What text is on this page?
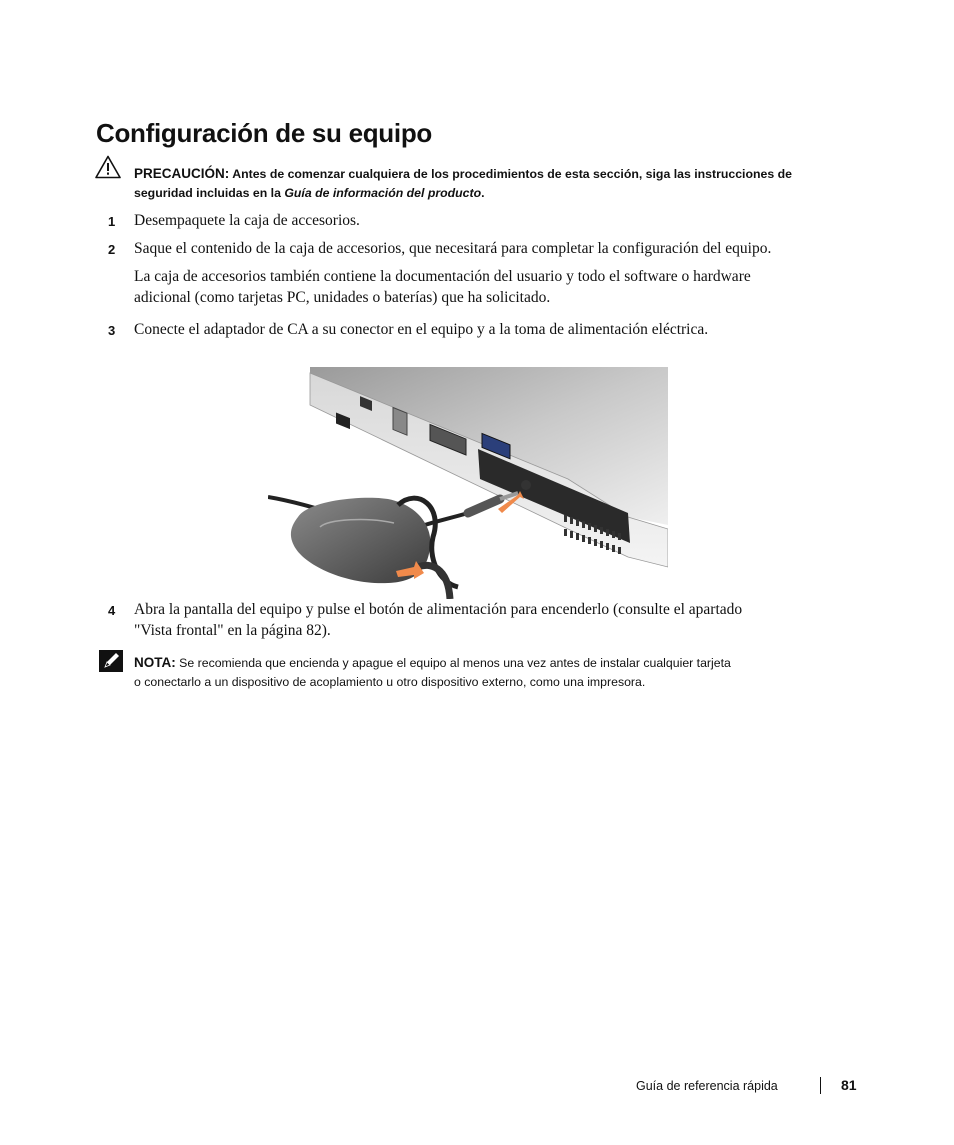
Configuración de su equipo
PRECAUCIÓN: Antes de comenzar cualquiera de los procedimientos de esta sección, siga las instrucciones de
seguridad incluidas en la Guía de información del producto.
1 Desempaquete la caja de accesorios.
2 Saque el contenido de la caja de accesorios, que necesitará para completar la configuración del equipo.
La caja de accesorios también contiene la documentación del usuario y todo el software o hardware
adicional (como tarjetas PC, unidades o baterías) que ha solicitado.
3 Conecte el adaptador de CA a su conector en el equipo y a la toma de alimentación eléctrica.
4 Abra la pantalla del equipo y pulse el botón de alimentación para encenderlo (consulte el apartado
"Vista frontal" en la página 82).
NOTA: Se recomienda que encienda y apague el equipo al menos una vez antes de instalar cualquier tarjeta
o conectarlo a un dispositivo de acoplamiento u otro dispositivo externo, como una impresora.
Guía de referencia rápida	81
